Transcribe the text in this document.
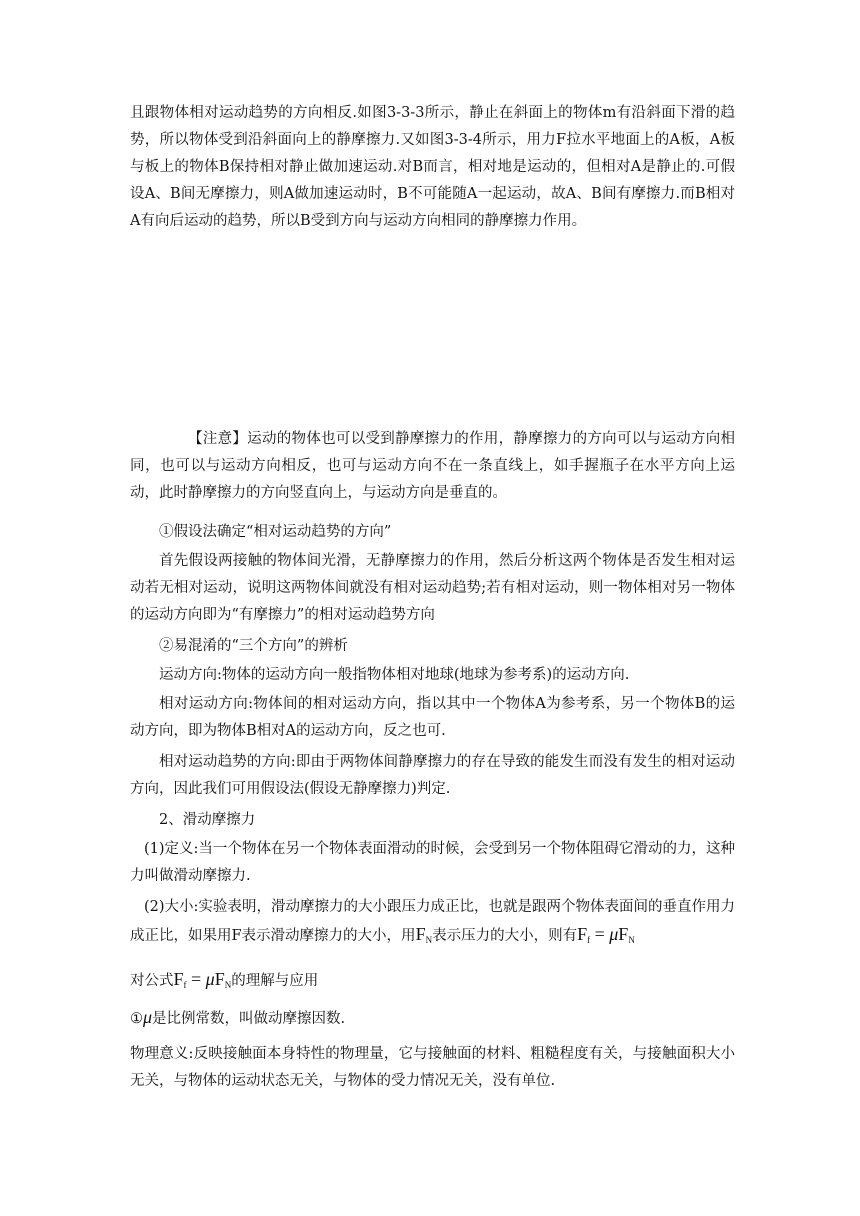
且跟物体相对运动趋势的方向相反.如图3-3-3所示，静止在斜面上的物体m有沿斜面下滑的趋势，所以物体受到沿斜面向上的静摩擦力.又如图3-3-4所示，用力F拉水平地面上的A板，A板与板上的物体B保持相对静止做加速运动.对B而言，相对地是运动的，但相对A是静止的.可假设A、B间无摩擦力，则A做加速运动时，B不可能随A一起运动，故A、B间有摩擦力.而B相对A有向后运动的趋势，所以B受到方向与运动方向相同的静摩擦力作用。

【注意】运动的物体也可以受到静摩擦力的作用，静摩擦力的方向可以与运动方向相同，也可以与运动方向相反，也可与运动方向不在一条直线上，如手握瓶子在水平方向上运动，此时静摩擦力的方向竖直向上，与运动方向是垂直的。

①假设法确定“相对运动趋势的方向”

首先假设两接触的物体间光滑，无静摩擦力的作用，然后分析这两个物体是否发生相对运动若无相对运动，说明这两物体间就没有相对运动趋势;若有相对运动，则一物体相对另一物体的运动方向即为“有摩擦力”的相对运动趋势方向

②易混淆的“三个方向”的辨析

运动方向:物体的运动方向一般指物体相对地球(地球为参考系)的运动方向.

相对运动方向:物体间的相对运动方向，指以其中一个物体A为参考系，另一个物体B的运动方向，即为物体B相对A的运动方向，反之也可.

相对运动趋势的方向:即由于两物体间静摩擦力的存在导致的能发生而没有发生的相对运动方向，因此我们可用假设法(假设无静摩擦力)判定.

2、滑动摩擦力

(1)定义:当一个物体在另一个物体表面滑动的时候，会受到另一个物体阻碍它滑动的力，这种力叫做滑动摩擦力.

(2)大小:实验表明，滑动摩擦力的大小跟压力成正比，也就是跟两个物体表面间的垂直作用力成正比，如果用F表示滑动摩擦力的大小，用$F_N$表示压力的大小，则有$F_f = \mu F_N$
对公式$F_f = \mu F_N$的理解与应用
①μ是比例常数，叫做动摩擦因数.

物理意义:反映接触面本身特性的物理量，它与接触面的材料、粗糙程度有关，与接触面积大小无关，与物体的运动状态无关，与物体的受力情况无关，没有单位.
